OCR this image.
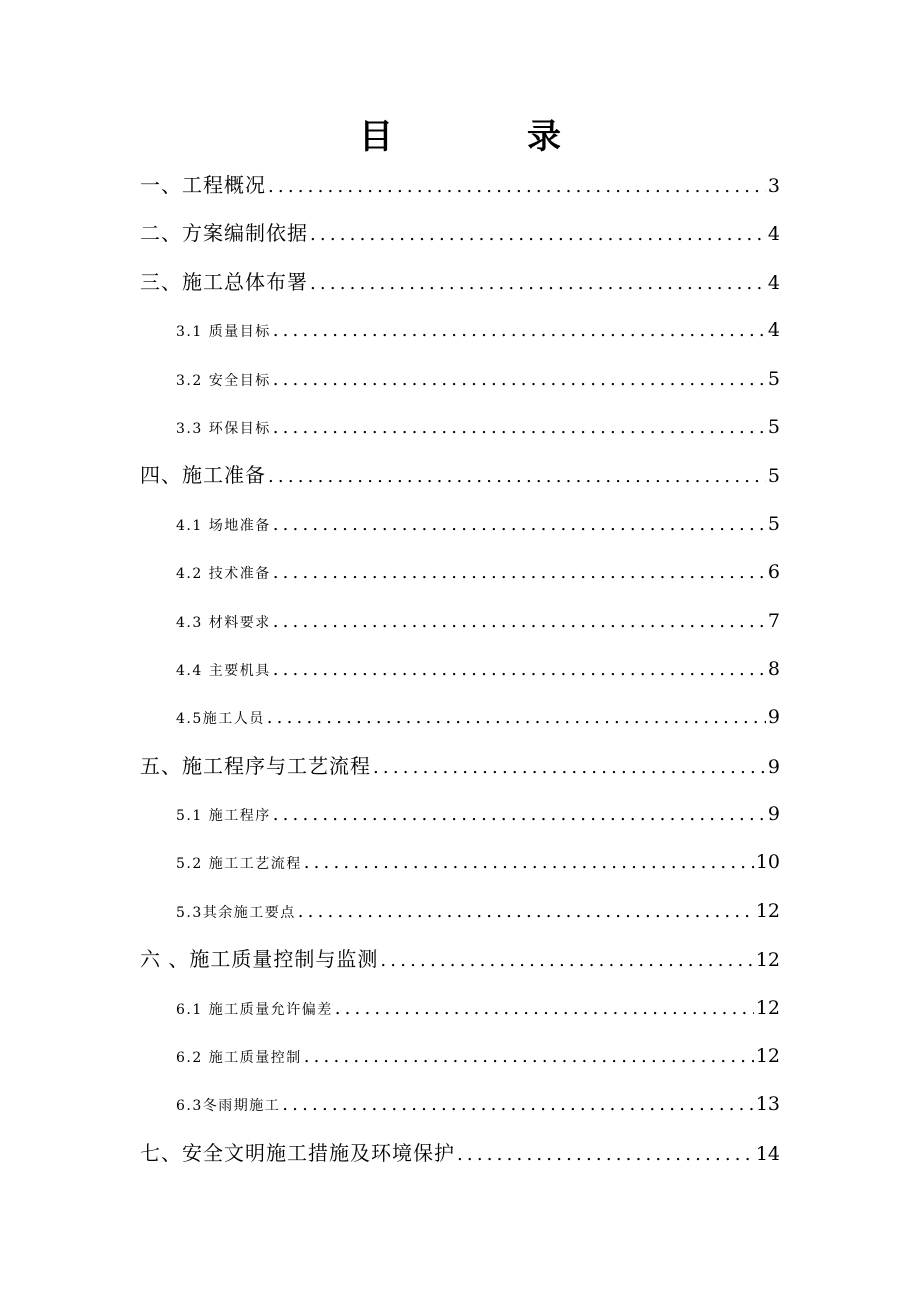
目　录
一、工程概况 .....	3
二、方案编制依据 .....	4
三、施工总体布署 .....	4
3.1 质量目标 .....	4
3.2 安全目标 .....	5
3.3 环保目标 .....	5
四、施工准备 .....	5
4.1 场地准备 .....	5
4.2 技术准备 .....	6
4.3 材料要求 .....	7
4.4 主要机具 .....	8
4.5施工人员 .....	9
五、施工程序与工艺流程 .....	9
5.1 施工程序 .....	9
5.2 施工工艺流程 .....	10
5.3其余施工要点 .....	12
六 、施工质量控制与监测 .....	12
6.1 施工质量允许偏差 .....	12
6.2 施工质量控制 .....	12
6.3冬雨期施工 .....	13
七、安全文明施工措施及环境保护 .....	14
